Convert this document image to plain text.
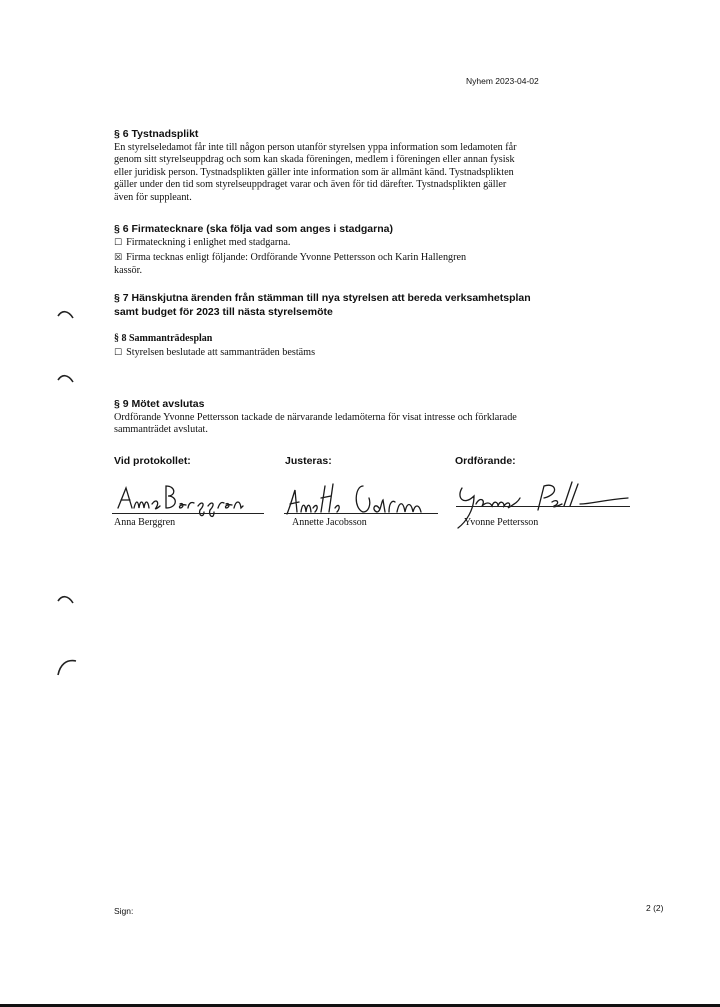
Nyhem 2023-04-02
§ 6 Tystnadsplikt

En styrelseledamot får inte till någon person utanför styrelsen yppa information som ledamoten får
genom sitt styrelseuppdrag och som kan skada föreningen, medlem i föreningen eller annan fysisk
eller juridisk person. Tystnadsplikten gäller inte information som är allmänt känd. Tystnadsplikten
gäller under den tid som styrelseuppdraget varar och även för tid därefter. Tystnadsplikten gäller
även för suppleant.

§ 6 Firmatecknare (ska följa vad som anges i stadgarna)
☐ Firmateckning i enlighet med stadgarna.
☒ Firma tecknas enligt följande: Ordförande Yvonne Pettersson och Karin Hallengren
kassör.
§ 7 Hänskjutna ärenden från stämman till nya styrelsen att bereda verksamhetsplan
samt budget för 2023 till nästa styrelsemöte
§ 8 Sammanträdesplan
☐ Styrelsen beslutade att sammanträden bestäms
§ 9 Mötet avslutas

Ordförande Yvonne Pettersson tackade de närvarande ledamöterna för visat intresse och förklarade
sammanträdet avslutat.

Vid protokollet:	Justeras:	Ordförande:
Anna Berggren	Annette Jacobsson	Yvonne Pettersson
Sign:	2 (2)
